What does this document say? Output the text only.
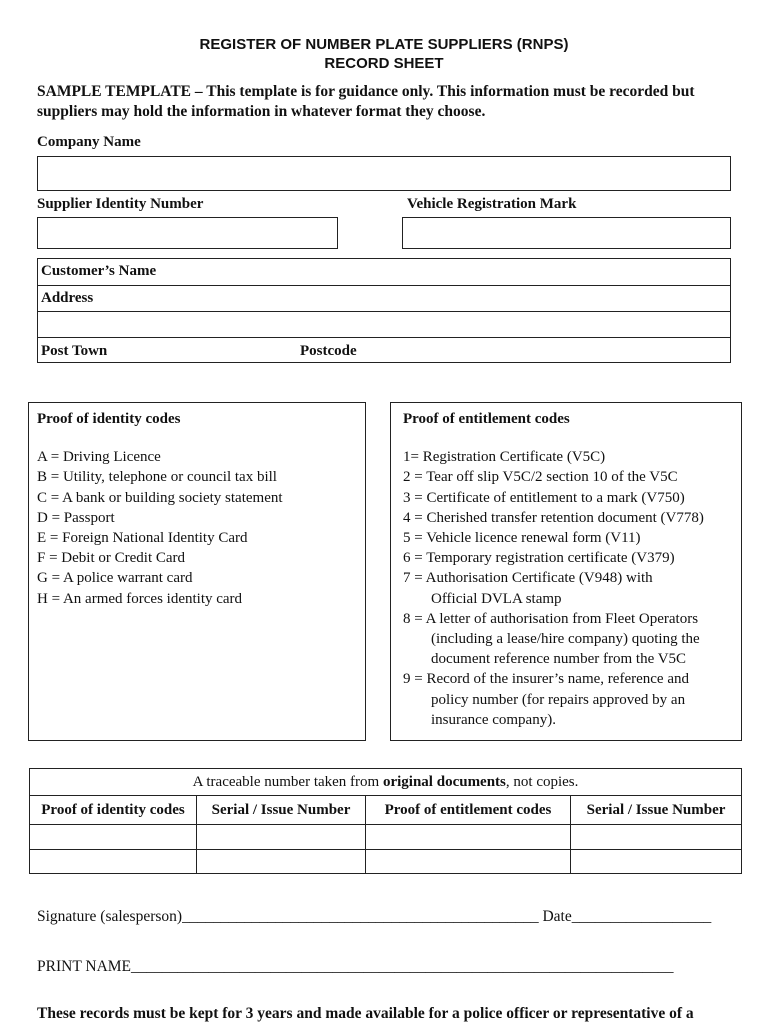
REGISTER OF NUMBER PLATE SUPPLIERS (RNPS)
RECORD SHEET
SAMPLE TEMPLATE – This template is for guidance only. This information must be recorded but
suppliers may hold the information in whatever format they choose.
Company Name
Supplier Identity Number	Vehicle Registration Mark
Customer’s Name
Address
Post Town	Postcode
Proof of identity codes
A = Driving Licence
B = Utility, telephone or council tax bill
C = A bank or building society statement
D = Passport
E = Foreign National Identity Card
F = Debit or Credit Card
G = A police warrant card
H = An armed forces identity card
Proof of entitlement codes
1= Registration Certificate (V5C)
2 = Tear off slip V5C/2 section 10 of the V5C
3 = Certificate of entitlement to a mark (V750)
4 = Cherished transfer retention document (V778)
5 = Vehicle licence renewal form (V11)
6 = Temporary registration certificate (V379)
7 = Authorisation Certificate (V948) with
Official DVLA stamp
8 = A letter of authorisation from Fleet Operators
(including a lease/hire company) quoting the
document reference number from the V5C
9 = Record of the insurer’s name, reference and
policy number (for repairs approved by an
insurance company).
A traceable number taken from original documents, not copies.			
Proof of identity codes	Serial / Issue Number	Proof of entitlement codes	Serial / Issue Number

Signature (salesperson)______________________________________________ Date__________________
PRINT NAME______________________________________________________________________
These records must be kept for 3 years and made available for a police officer or representative of a
